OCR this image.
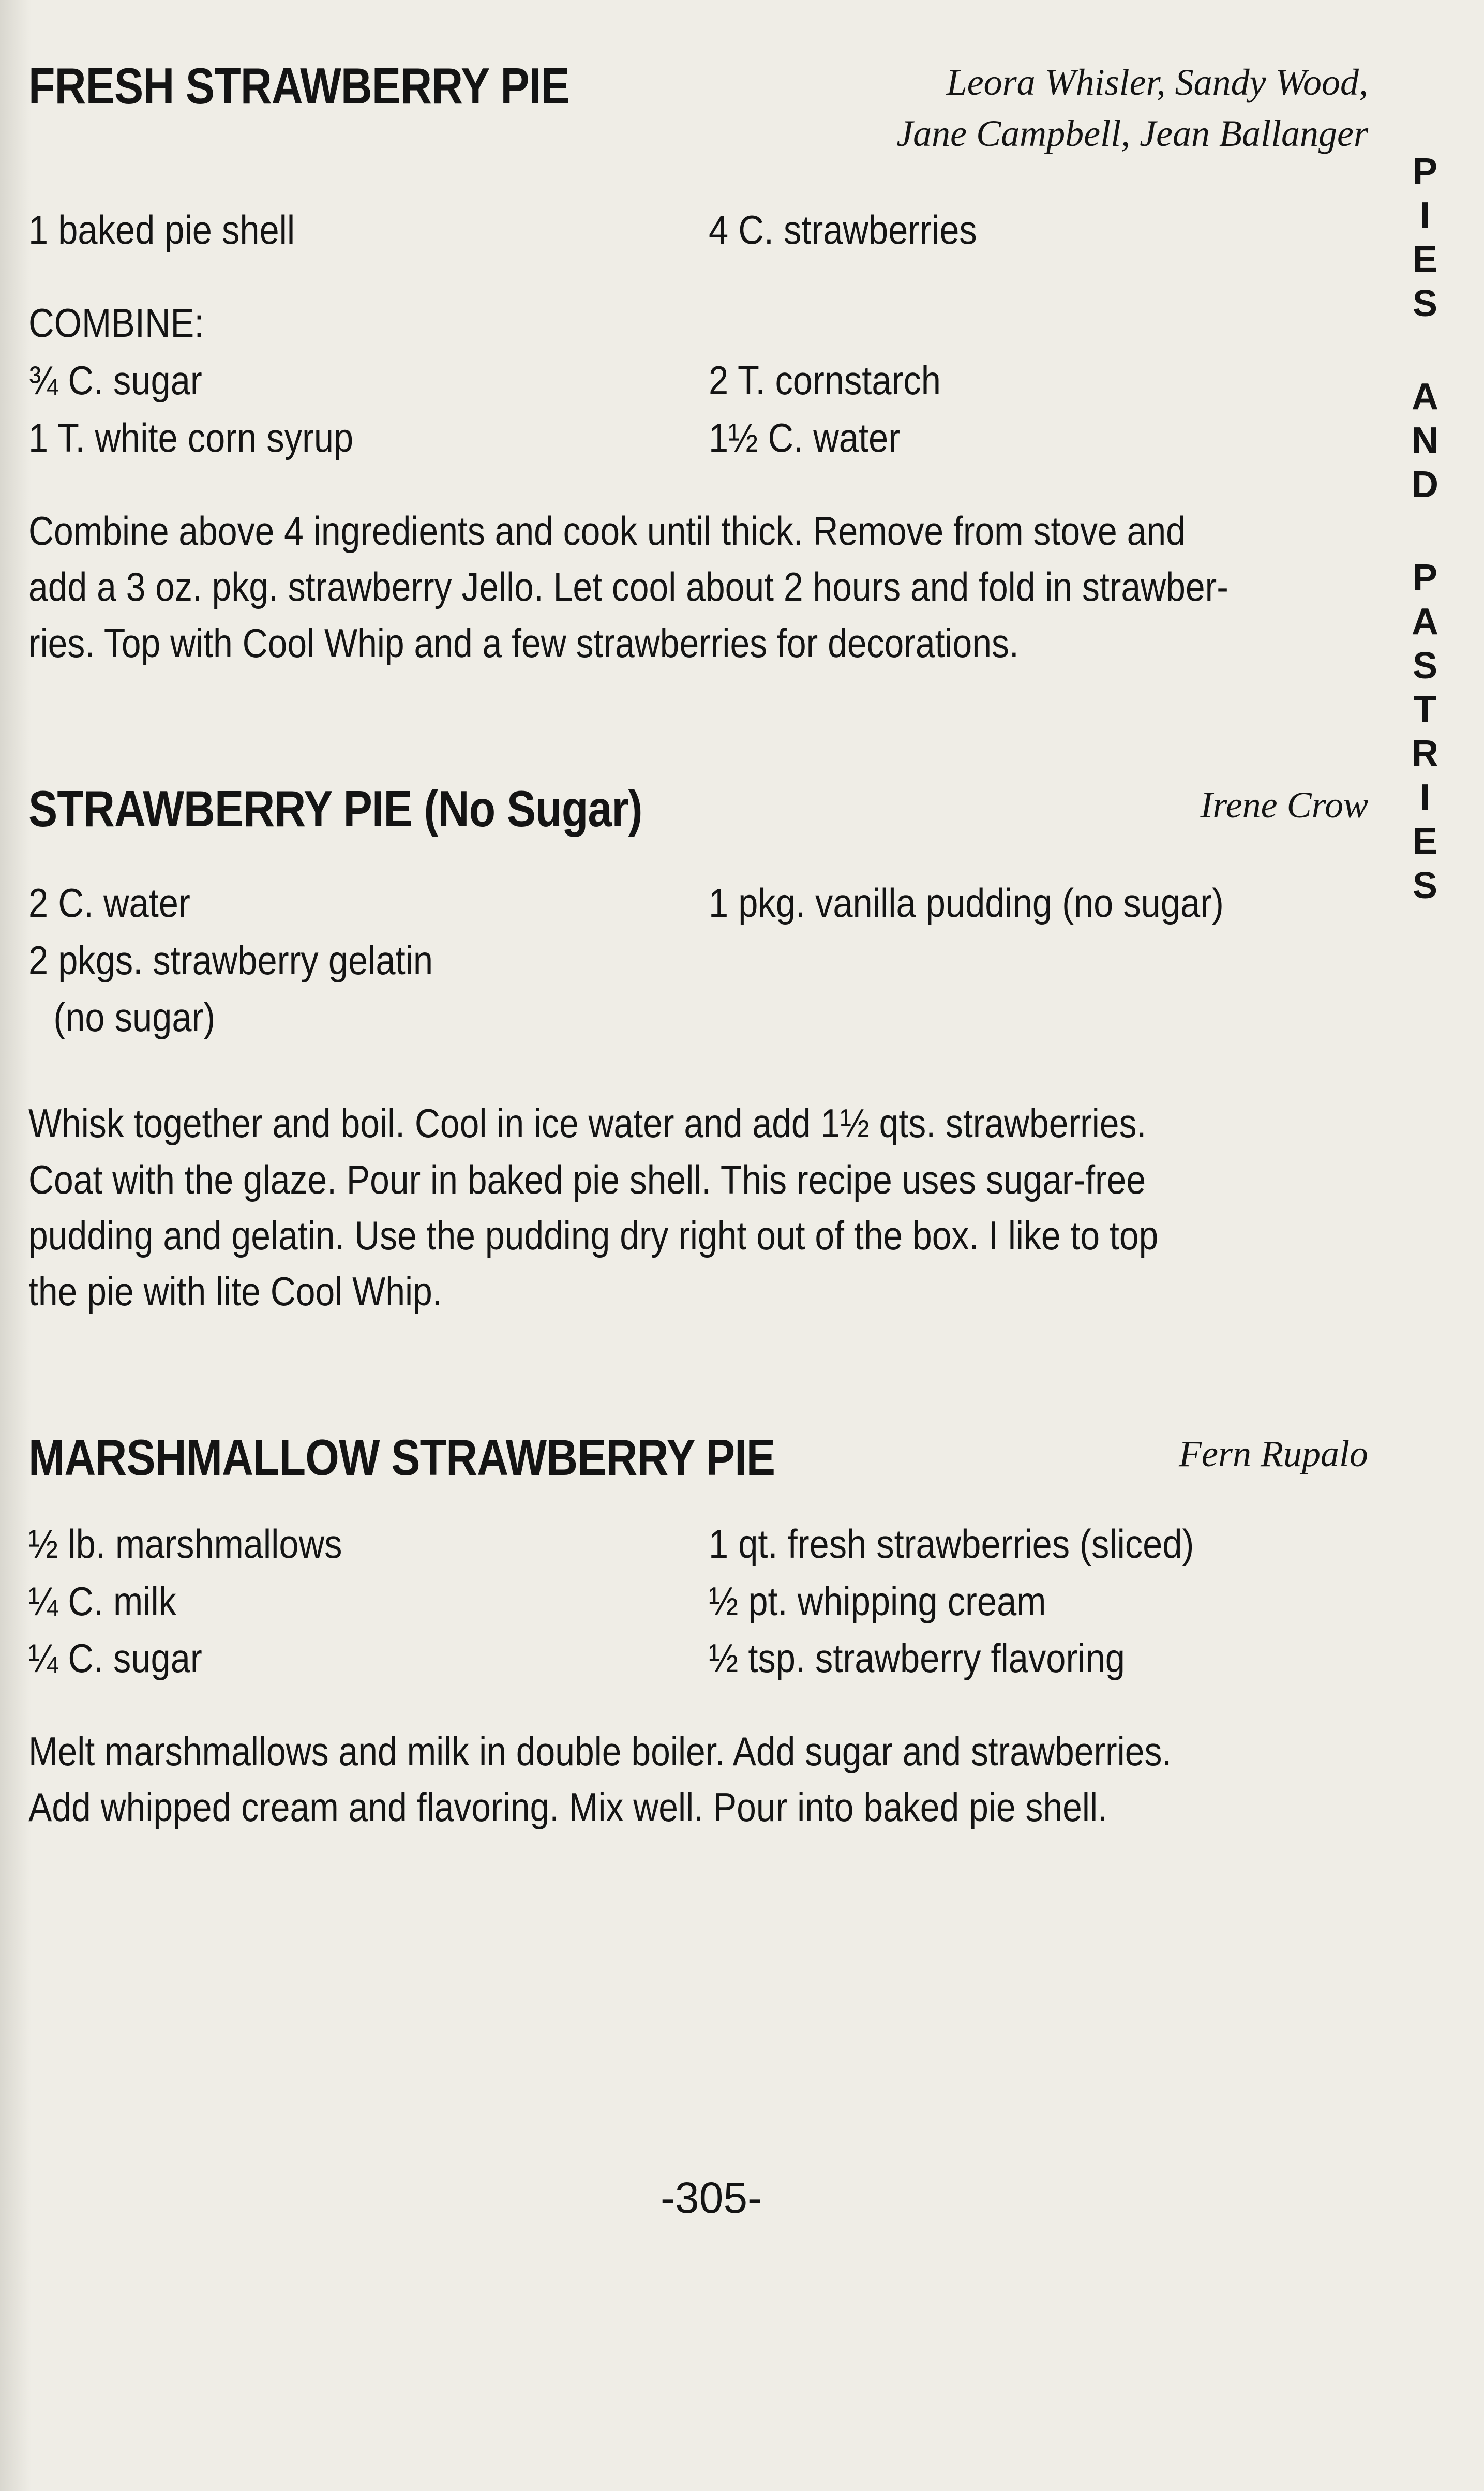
FRESH STRAWBERRY PIE	Leora Whisler, Sandy Wood,
Jane Campbell, Jean Ballanger
1 baked pie shell	4 C. strawberries
COMBINE:
¾ C. sugar	2 T. cornstarch
1 T. white corn syrup	1½ C. water
Combine above 4 ingredients and cook until thick. Remove from stove and
add a 3 oz. pkg. strawberry Jello. Let cool about 2 hours and fold in strawber-
ries. Top with Cool Whip and a few strawberries for decorations.
STRAWBERRY PIE (No Sugar)	Irene Crow
2 C. water	1 pkg. vanilla pudding (no sugar)
2 pkgs. strawberry gelatin
(no sugar)
Whisk together and boil. Cool in ice water and add 1½ qts. strawberries.
Coat with the glaze. Pour in baked pie shell. This recipe uses sugar-free
pudding and gelatin. Use the pudding dry right out of the box. I like to top
the pie with lite Cool Whip.
MARSHMALLOW STRAWBERRY PIE	Fern Rupalo
½ lb. marshmallows	1 qt. fresh strawberries (sliced)
¼ C. milk	½ pt. whipping cream
¼ C. sugar	½ tsp. strawberry flavoring
Melt marshmallows and milk in double boiler. Add sugar and strawberries.
Add whipped cream and flavoring. Mix well. Pour into baked pie shell.
P
I
E
S
A
N
D
P
A
S
T
R
I
E
S
-305-
